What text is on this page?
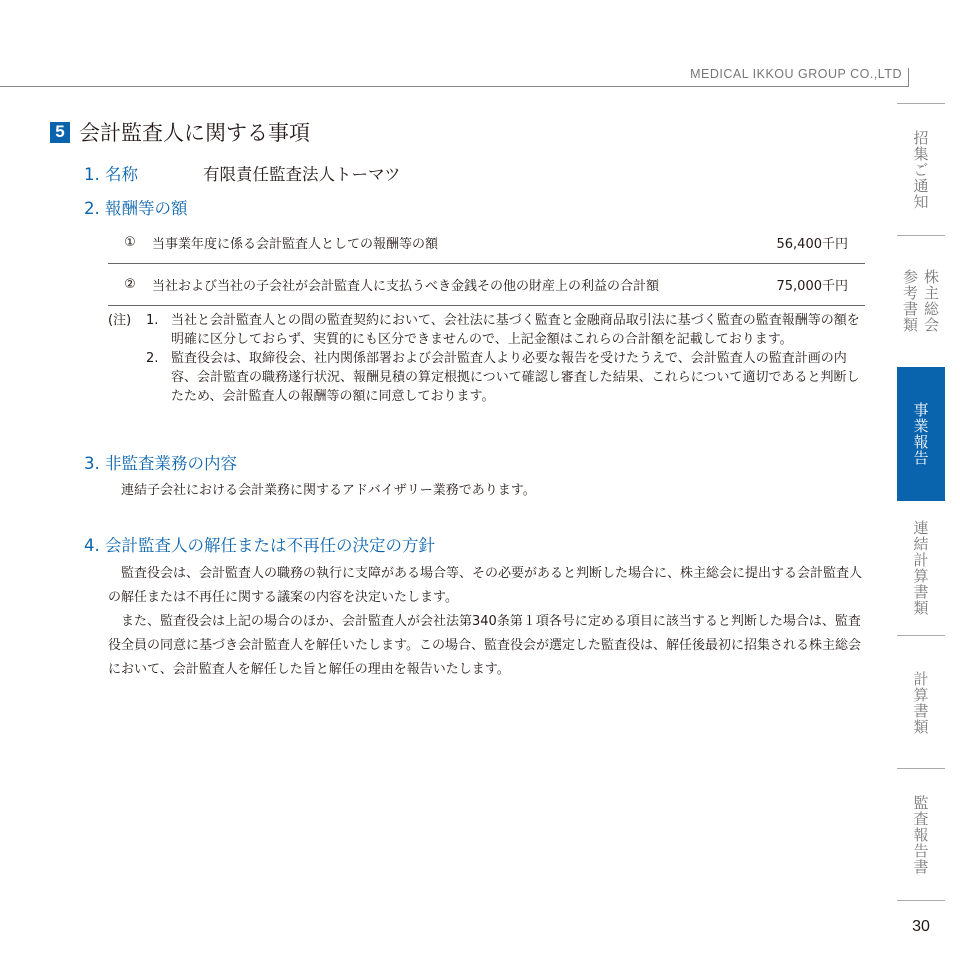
MEDICAL IKKOU GROUP CO.,LTD
5 会計監査人に関する事項
1. 名称	有限責任監査法人トーマツ
2. 報酬等の額
①	当事業年度に係る会計監査人としての報酬等の額	56,400千円
②	当社および当社の子会社が会計監査人に支払うべき金銭その他の財産上の利益の合計額	75,000千円
(注)	1. 当社と会計監査人との間の監査契約において、会社法に基づく監査と金融商品取引法に基づく監査の監査報酬等の額を明確に区分しておらず、実質的にも区分できませんので、上記金額はこれらの合計額を記載しております。
2. 監査役会は、取締役会、社内関係部署および会計監査人より必要な報告を受けたうえで、会計監査人の監査計画の内容、会計監査の職務遂行状況、報酬見積の算定根拠について確認し審査した結果、これらについて適切であると判断したため、会計監査人の報酬等の額に同意しております。
3. 非監査業務の内容
連結子会社における会計業務に関するアドバイザリー業務であります。
4. 会計監査人の解任または不再任の決定の方針

監査役会は、会計監査人の職務の執行に支障がある場合等、その必要があると判断した場合に、株主総会に提出する会計監査人の解任または不再任に関する議案の内容を決定いたします。

また、監査役会は上記の場合のほか、会計監査人が会社法第340条第１項各号に定める項目に該当すると判断した場合は、監査役全員の同意に基づき会計監査人を解任いたします。この場合、監査役会が選定した監査役は、解任後最初に招集される株主総会において、会計監査人を解任した旨と解任の理由を報告いたします。

招集ご通知
株主総会参考書類
事業報告
連結計算書類
計算書類
監査報告書
30
